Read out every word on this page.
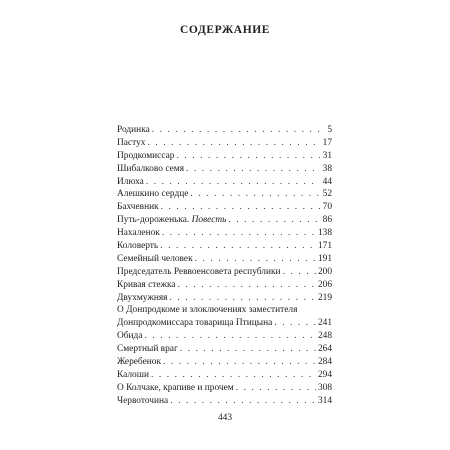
СОДЕРЖАНИЕ
Родинка . . .	5
Пастух . . .	17
Продкомиссар . . .	31
Шибалково семя . . .	38
Илюха . . .	44
Алешкино сердце . . .	52
Бахчевник . . .	70
Путь-дороженька. Повесть . . .	86
Нахаленок . . .	138
Коловерть . . .	171
Семейный человек . . .	191
Председатель Реввоенсовета республики . . .	200
Кривая стежка . . .	206
Двухмужняя . . .	219
О Донпродкоме и злоключениях заместителя
Донпродкомиссара товарища Птицына . . .	241
Обида . . .	248
Смертный враг . . .	264
Жеребенок . . .	284
Калоши . . .	294
О Колчаке, крапиве и прочем . . .	308
Червоточина . . .	314
443
